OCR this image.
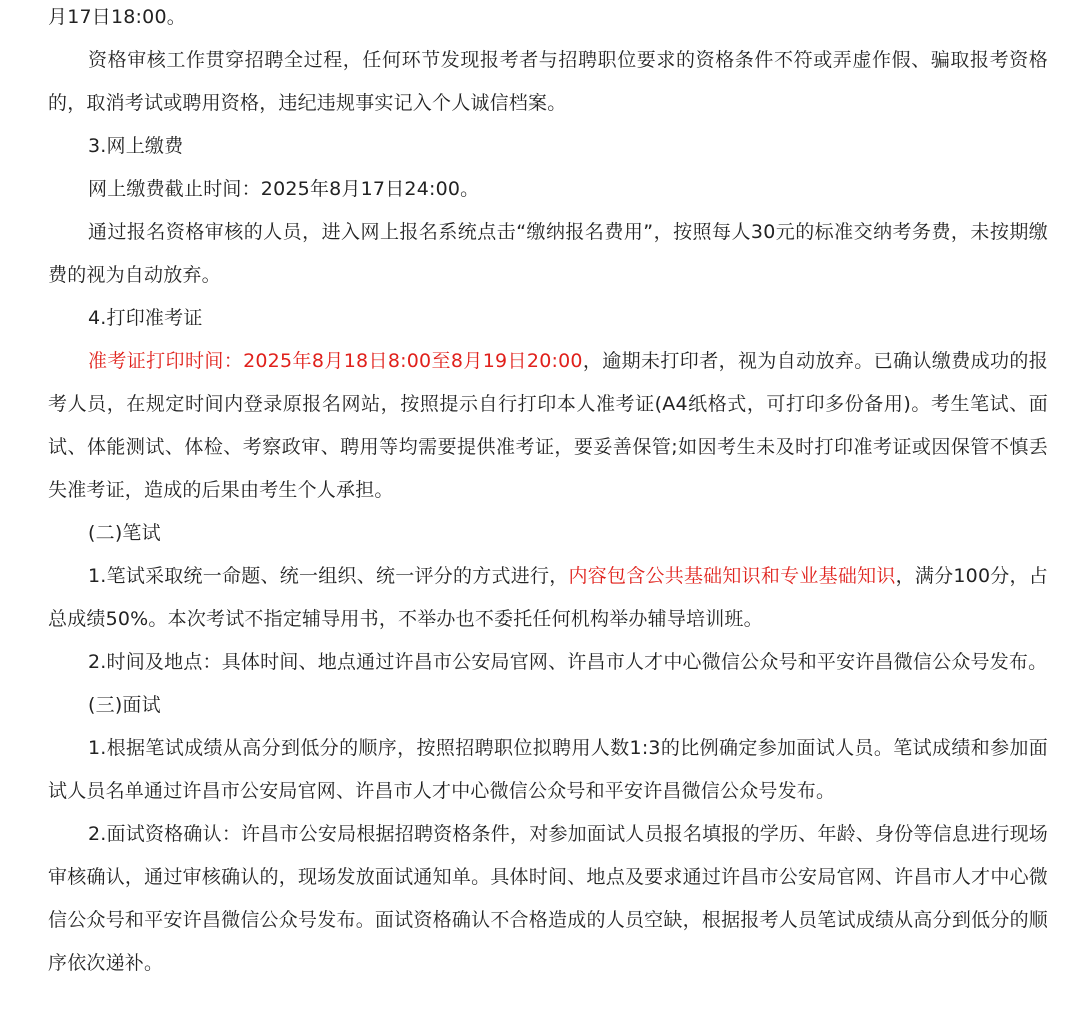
月17日18:00。

资格审核工作贯穿招聘全过程，任何环节发现报考者与招聘职位要求的资格条件不符或弄虚作假、骗取报考资格的，取消考试或聘用资格，违纪违规事实记入个人诚信档案。

3.网上缴费

网上缴费截止时间：2025年8月17日24:00。

通过报名资格审核的人员，进入网上报名系统点击“缴纳报名费用”，按照每人30元的标准交纳考务费，未按期缴费的视为自动放弃。

4.打印准考证

准考证打印时间：2025年8月18日8:00至8月19日20:00，逾期未打印者，视为自动放弃。已确认缴费成功的报考人员，在规定时间内登录原报名网站，按照提示自行打印本人准考证(A4纸格式，可打印多份备用)。考生笔试、面试、体能测试、体检、考察政审、聘用等均需要提供准考证，要妥善保管;如因考生未及时打印准考证或因保管不慎丢失准考证，造成的后果由考生个人承担。

(二)笔试

1.笔试采取统一命题、统一组织、统一评分的方式进行，内容包含公共基础知识和专业基础知识，满分100分，占总成绩50%。本次考试不指定辅导用书，不举办也不委托任何机构举办辅导培训班。

2.时间及地点：具体时间、地点通过许昌市公安局官网、许昌市人才中心微信公众号和平安许昌微信公众号发布。

(三)面试

1.根据笔试成绩从高分到低分的顺序，按照招聘职位拟聘用人数1:3的比例确定参加面试人员。笔试成绩和参加面试人员名单通过许昌市公安局官网、许昌市人才中心微信公众号和平安许昌微信公众号发布。

2.面试资格确认：许昌市公安局根据招聘资格条件，对参加面试人员报名填报的学历、年龄、身份等信息进行现场审核确认，通过审核确认的，现场发放面试通知单。具体时间、地点及要求通过许昌市公安局官网、许昌市人才中心微信公众号和平安许昌微信公众号发布。面试资格确认不合格造成的人员空缺，根据报考人员笔试成绩从高分到低分的顺序依次递补。
